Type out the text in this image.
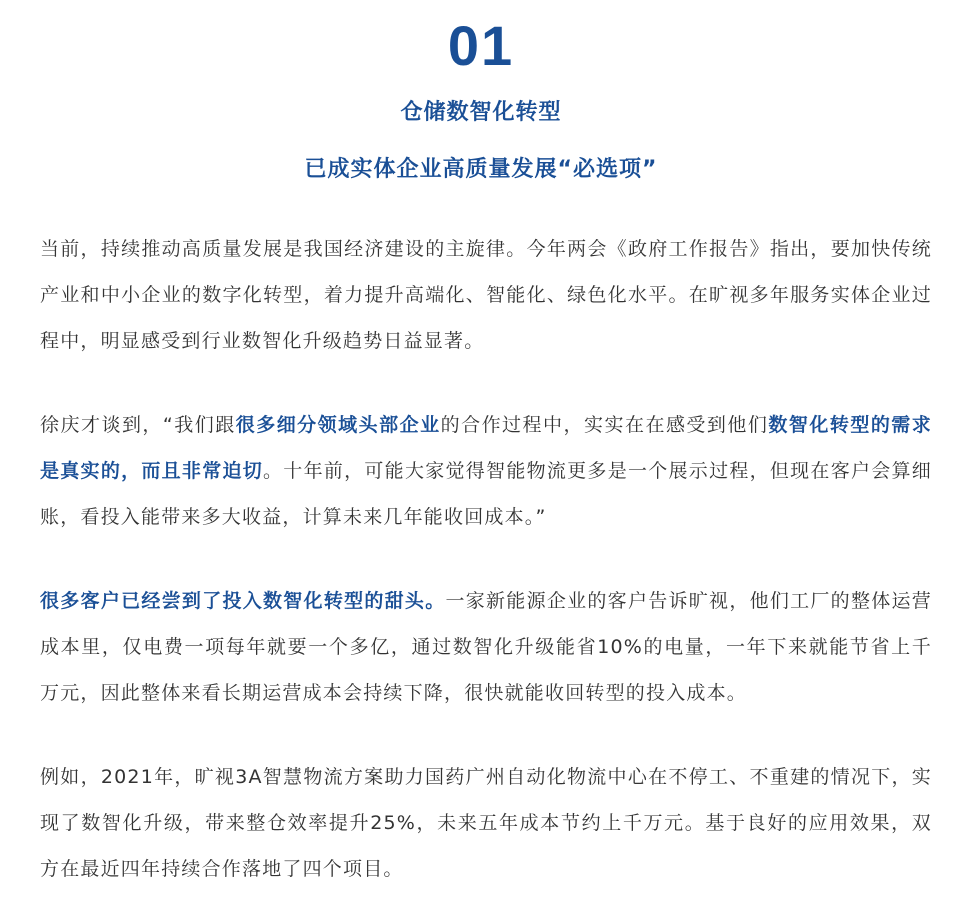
01
仓储数智化转型
已成实体企业高质量发展“必选项”

当前，持续推动高质量发展是我国经济建设的主旋律。今年两会《政府工作报告》指出，要加快传统产业和中小企业的数字化转型，着力提升高端化、智能化、绿色化水平。在旷视多年服务实体企业过程中，明显感受到行业数智化升级趋势日益显著。

徐庆才谈到，“我们跟很多细分领域头部企业的合作过程中，实实在在感受到他们数智化转型的需求是真实的，而且非常迫切。十年前，可能大家觉得智能物流更多是一个展示过程，但现在客户会算细账，看投入能带来多大收益，计算未来几年能收回成本。”

很多客户已经尝到了投入数智化转型的甜头。一家新能源企业的客户告诉旷视，他们工厂的整体运营成本里，仅电费一项每年就要一个多亿，通过数智化升级能省10%的电量，一年下来就能节省上千万元，因此整体来看长期运营成本会持续下降，很快就能收回转型的投入成本。

例如，2021年，旷视3A智慧物流方案助力国药广州自动化物流中心在不停工、不重建的情况下，实现了数智化升级，带来整仓效率提升25%，未来五年成本节约上千万元。基于良好的应用效果，双方在最近四年持续合作落地了四个项目。
